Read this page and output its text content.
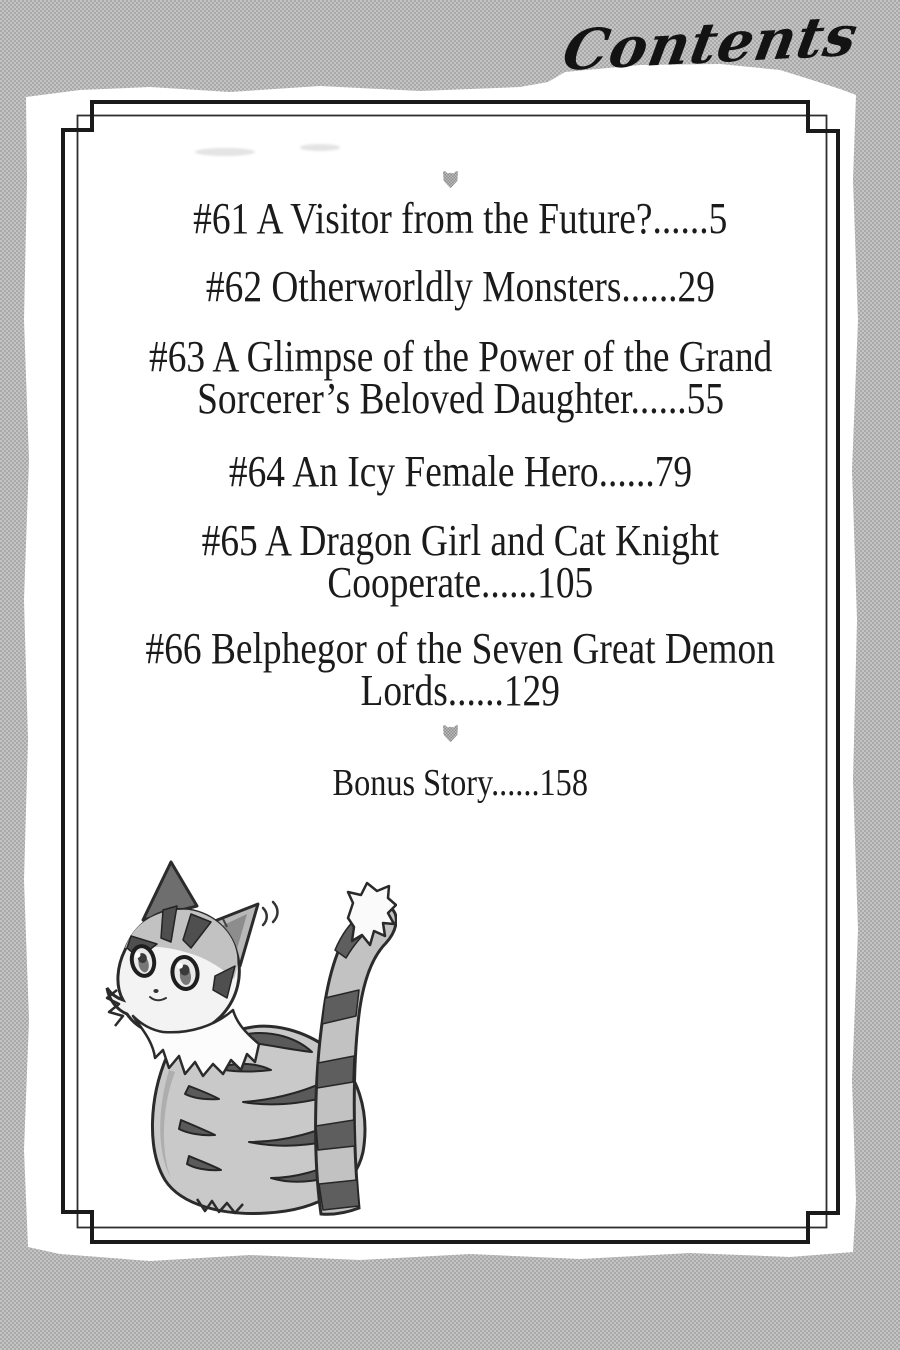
Contents
#61 A Visitor from the Future?......5
#62 Otherworldly Monsters......29
#63 A Glimpse of the Power of the Grand
Sorcerer’s Beloved Daughter......55
#64 An Icy Female Hero......79
#65 A Dragon Girl and Cat Knight
Cooperate......105
#66 Belphegor of the Seven Great Demon
Lords......129
Bonus Story......158
